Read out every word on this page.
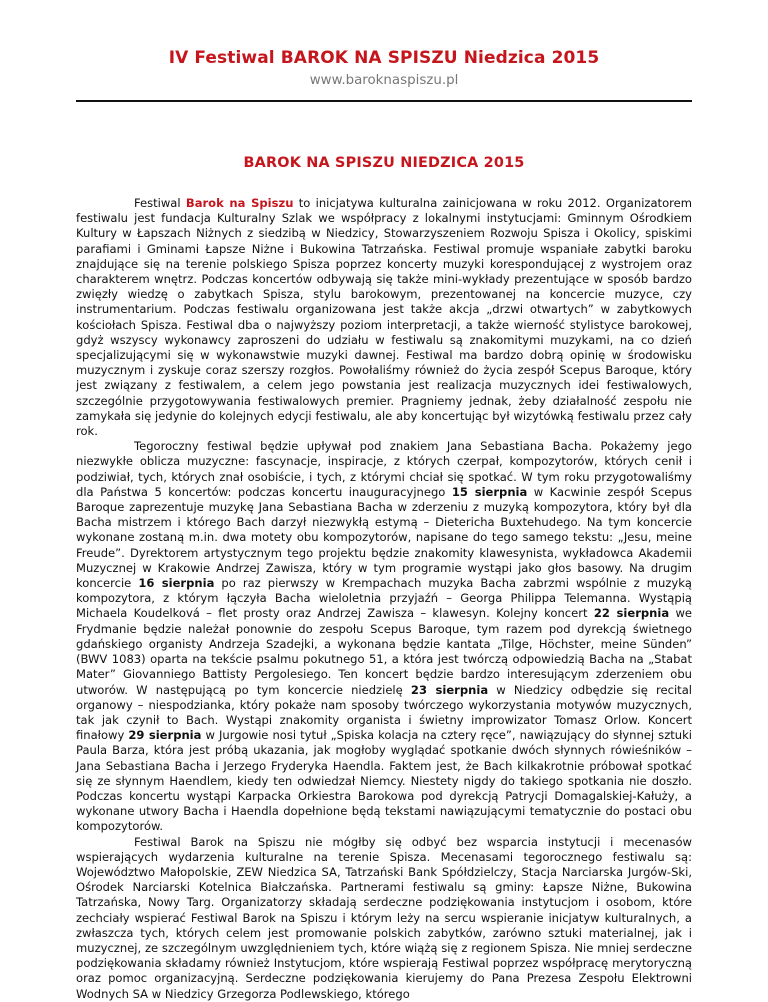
IV Festiwal BAROK NA SPISZU Niedzica 2015
www.baroknaspiszu.pl
BAROK NA SPISZU NIEDZICA 2015

Festiwal Barok na Spiszu to inicjatywa kulturalna zainicjowana w roku 2012. Organizatorem festiwalu jest fundacja Kulturalny Szlak we współpracy z lokalnymi instytucjami: Gminnym Ośrodkiem Kultury w Łapszach Niżnych z siedzibą w Niedzicy, Stowarzyszeniem Rozwoju Spisza i Okolicy, spiskimi parafiami i Gminami Łapsze Niżne i Bukowina Tatrzańska. Festiwal promuje wspaniałe zabytki baroku znajdujące się na terenie polskiego Spisza poprzez koncerty muzyki korespondującej z wystrojem oraz charakterem wnętrz. Podczas koncertów odbywają się także mini-wykłady prezentujące w sposób bardzo zwięzły wiedzę o zabytkach Spisza, stylu barokowym, prezentowanej na koncercie muzyce, czy instrumentarium. Podczas festiwalu organizowana jest także akcja „drzwi otwartych” w zabytkowych kościołach Spisza. Festiwal dba o najwyższy poziom interpretacji, a także wierność stylistyce barokowej, gdyż wszyscy wykonawcy zaproszeni do udziału w festiwalu są znakomitymi muzykami, na co dzień specjalizującymi się w wykonawstwie muzyki dawnej. Festiwal ma bardzo dobrą opinię w środowisku muzycznym i zyskuje coraz szerszy rozgłos. Powołaliśmy również do życia zespół Scepus Baroque, który jest związany z festiwalem, a celem jego powstania jest realizacja muzycznych idei festiwalowych, szczególnie przygotowywania festiwalowych premier. Pragniemy jednak, żeby działalność zespołu nie zamykała się jedynie do kolejnych edycji festiwalu, ale aby koncertując był wizytówką festiwalu przez cały rok.

Tegoroczny festiwal będzie upływał pod znakiem Jana Sebastiana Bacha. Pokażemy jego niezwykłe oblicza muzyczne: fascynacje, inspiracje, z których czerpał, kompozytorów, których cenił i podziwiał, tych, których znał osobiście, i tych, z którymi chciał się spotkać. W tym roku przygotowaliśmy dla Państwa 5 koncertów: podczas koncertu inauguracyjnego 15 sierpnia w Kacwinie zespół Scepus Baroque zaprezentuje muzykę Jana Sebastiana Bacha w zderzeniu z muzyką kompozytora, który był dla Bacha mistrzem i którego Bach darzył niezwykłą estymą – Dietericha Buxtehudego. Na tym koncercie wykonane zostaną m.in. dwa motety obu kompozytorów, napisane do tego samego tekstu: „Jesu, meine Freude”. Dyrektorem artystycznym tego projektu będzie znakomity klawesynista, wykładowca Akademii Muzycznej w Krakowie Andrzej Zawisza, który w tym programie wystąpi jako głos basowy. Na drugim koncercie 16 sierpnia po raz pierwszy w Krempachach muzyka Bacha zabrzmi wspólnie z muzyką kompozytora, z którym łączyła Bacha wieloletnia przyjaźń – Georga Philippa Telemanna. Wystąpią Michaela Koudelková – flet prosty oraz Andrzej Zawisza – klawesyn. Kolejny koncert 22 sierpnia we Frydmanie będzie należał ponownie do zespołu Scepus Baroque, tym razem pod dyrekcją świetnego gdańskiego organisty Andrzeja Szadejki, a wykonana będzie kantata „Tilge, Höchster, meine Sünden” (BWV 1083) oparta na tekście psalmu pokutnego 51, a która jest twórczą odpowiedzią Bacha na „Stabat Mater” Giovanniego Battisty Pergolesiego. Ten koncert będzie bardzo interesującym zderzeniem obu utworów. W następującą po tym koncercie niedzielę 23 sierpnia w Niedzicy odbędzie się recital organowy – niespodzianka, który pokaże nam sposoby twórczego wykorzystania motywów muzycznych, tak jak czynił to Bach. Wystąpi znakomity organista i świetny improwizator Tomasz Orlow. Koncert finałowy 29 sierpnia w Jurgowie nosi tytuł „Spiska kolacja na cztery ręce”, nawiązujący do słynnej sztuki Paula Barza, która jest próbą ukazania, jak mogłoby wyglądać spotkanie dwóch słynnych rówieśników – Jana Sebastiana Bacha i Jerzego Fryderyka Haendla. Faktem jest, że Bach kilkakrotnie próbował spotkać się ze słynnym Haendlem, kiedy ten odwiedzał Niemcy. Niestety nigdy do takiego spotkania nie doszło. Podczas koncertu wystąpi Karpacka Orkiestra Barokowa pod dyrekcją Patrycji Domagalskiej-Kałuży, a wykonane utwory Bacha i Haendla dopełnione będą tekstami nawiązującymi tematycznie do postaci obu kompozytorów.

Festiwal Barok na Spiszu nie mógłby się odbyć bez wsparcia instytucji i mecenasów wspierających wydarzenia kulturalne na terenie Spisza. Mecenasami tegorocznego festiwalu są: Województwo Małopolskie, ZEW Niedzica SA, Tatrzański Bank Spółdzielczy, Stacja Narciarska Jurgów-Ski, Ośrodek Narciarski Kotelnica Białczańska. Partnerami festiwalu są gminy: Łapsze Niżne, Bukowina Tatrzańska, Nowy Targ. Organizatorzy składają serdeczne podziękowania instytucjom i osobom, które zechciały wspierać Festiwal Barok na Spiszu i którym leży na sercu wspieranie inicjatyw kulturalnych, a zwłaszcza tych, których celem jest promowanie polskich zabytków, zarówno sztuki materialnej, jak i muzycznej, ze szczególnym uwzględnieniem tych, które wiążą się z regionem Spisza. Nie mniej serdeczne podziękowania składamy również Instytucjom, które wspierają Festiwal poprzez współpracę merytoryczną oraz pomoc organizacyjną. Serdeczne podziękowania kierujemy do Pana Prezesa Zespołu Elektrowni Wodnych SA w Niedzicy Grzegorza Podlewskiego, którego
